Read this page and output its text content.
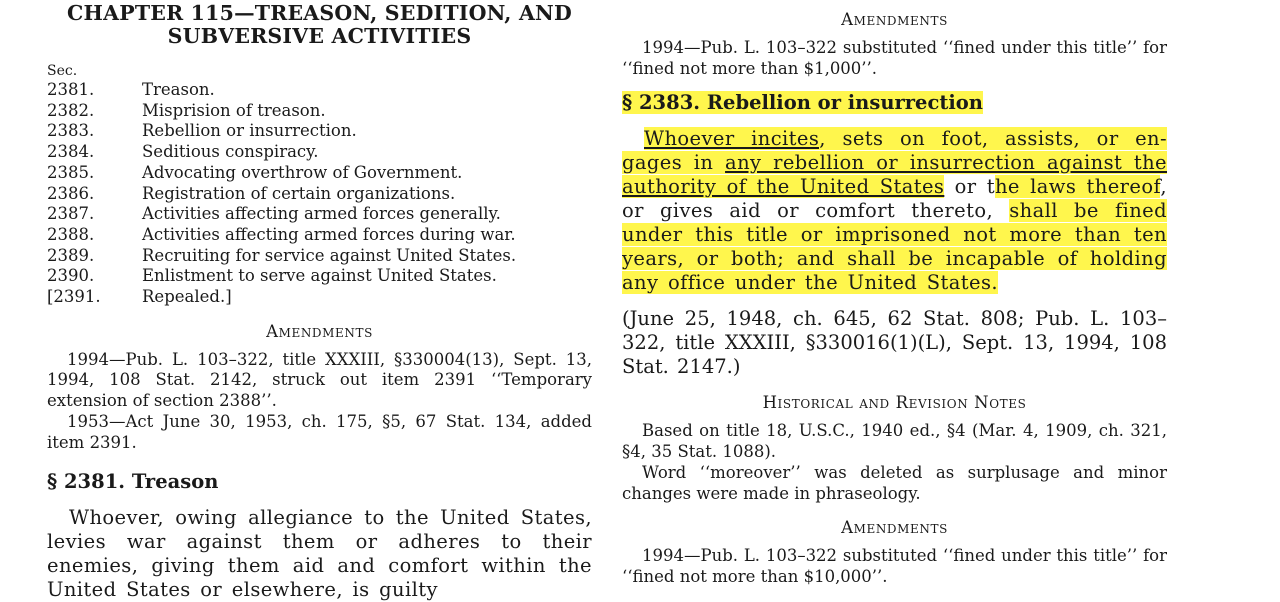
CHAPTER 115—TREASON, SEDITION, AND SUBVERSIVE ACTIVITIES
Sec.
2381.	Treason.
2382.	Misprision of treason.
2383.	Rebellion or insurrection.
2384.	Seditious conspiracy.
2385.	Advocating overthrow of Government.
2386.	Registration of certain organizations.
2387.	Activities affecting armed forces generally.
2388.	Activities affecting armed forces during war.
2389.	Recruiting for service against United States.
2390.	Enlistment to serve against United States.
[2391.	Repealed.]
Amendments

1994—Pub. L. 103–322, title XXXIII, §330004(13), Sept. 13, 1994, 108 Stat. 2142, struck out item 2391 ‘‘Temporary extension of section 2388’’.

1953—Act June 30, 1953, ch. 175, §5, 67 Stat. 134, added item 2391.

§ 2381. Treason

Whoever, owing allegiance to the United States, levies war against them or adheres to their enemies, giving them aid and comfort within the United States or elsewhere, is guilty

Amendments

1994—Pub. L. 103–322 substituted ‘‘fined under this title’’ for ‘‘fined not more than $1,000’’.

§ 2383. Rebellion or insurrection

Whoever incites, sets on foot, assists, or en-gages in any rebellion or insurrection against the authority of the United States or the laws thereof, or gives aid or comfort thereto, shall be fined under this title or imprisoned not more than ten years, or both; and shall be incapable of holding any office under the United States.

(June 25, 1948, ch. 645, 62 Stat. 808; Pub. L. 103–322, title XXXIII, §330016(1)(L), Sept. 13, 1994, 108 Stat. 2147.)

Historical and Revision Notes

Based on title 18, U.S.C., 1940 ed., §4 (Mar. 4, 1909, ch. 321, §4, 35 Stat. 1088).

Word ‘‘moreover’’ was deleted as surplusage and minor changes were made in phraseology.

Amendments

1994—Pub. L. 103–322 substituted ‘‘fined under this title’’ for ‘‘fined not more than $10,000’’.
